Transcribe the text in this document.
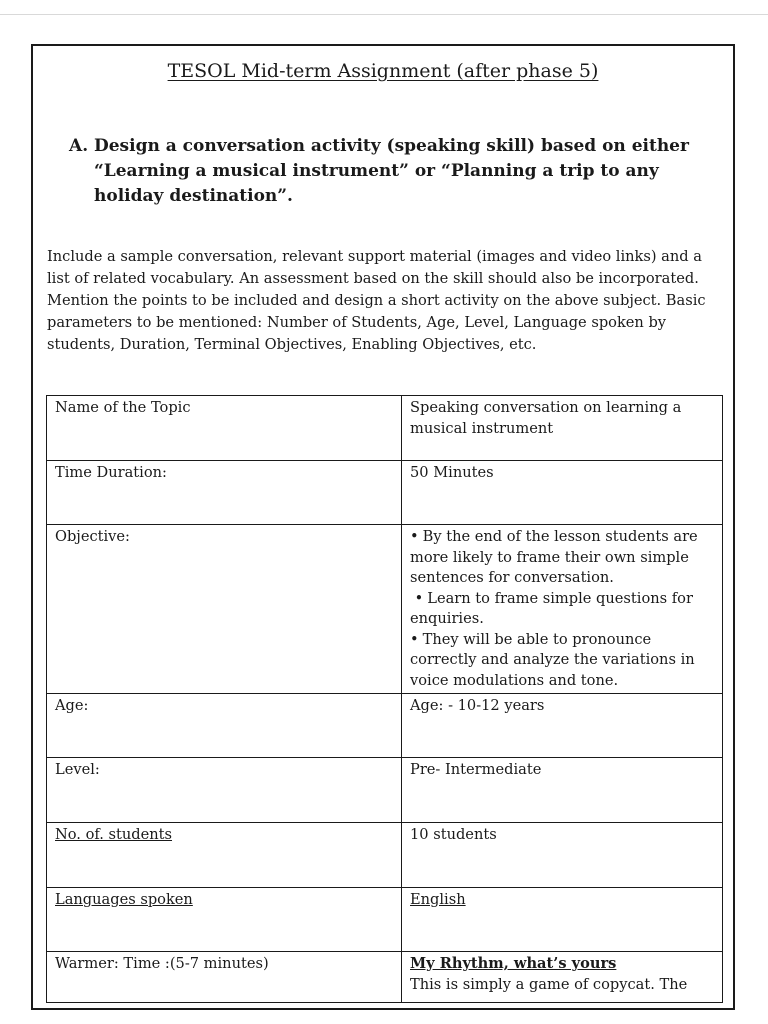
TESOL Mid-term Assignment (after phase 5)
A. Design a conversation activity (speaking skill) based on either “Learning a musical instrument” or “Planning a trip to any holiday destination”.
Include a sample conversation, relevant support material (images and video links) and a list of related vocabulary. An assessment based on the skill should also be incorporated. Mention the points to be included and design a short activity on the above subject. Basic parameters to be mentioned: Number of Students, Age, Level, Language spoken by students, Duration, Terminal Objectives, Enabling Objectives, etc.
Name of the Topic	Speaking conversation on learning a musical instrument
Time Duration:	50 Minutes
Objective:	• By the end of the lesson students are more likely to frame their own simple sentences for conversation.
• Learn to frame simple questions for enquiries.
• They will be able to pronounce correctly and analyze the variations in voice modulations and tone.

Age:	Age: - 10-12 years
Level:	Pre- Intermediate
No. of. students	10 students
Languages spoken	English
Warmer: Time :(5-7 minutes)	My Rhythm, what’s yours
This is simply a game of copycat. The
